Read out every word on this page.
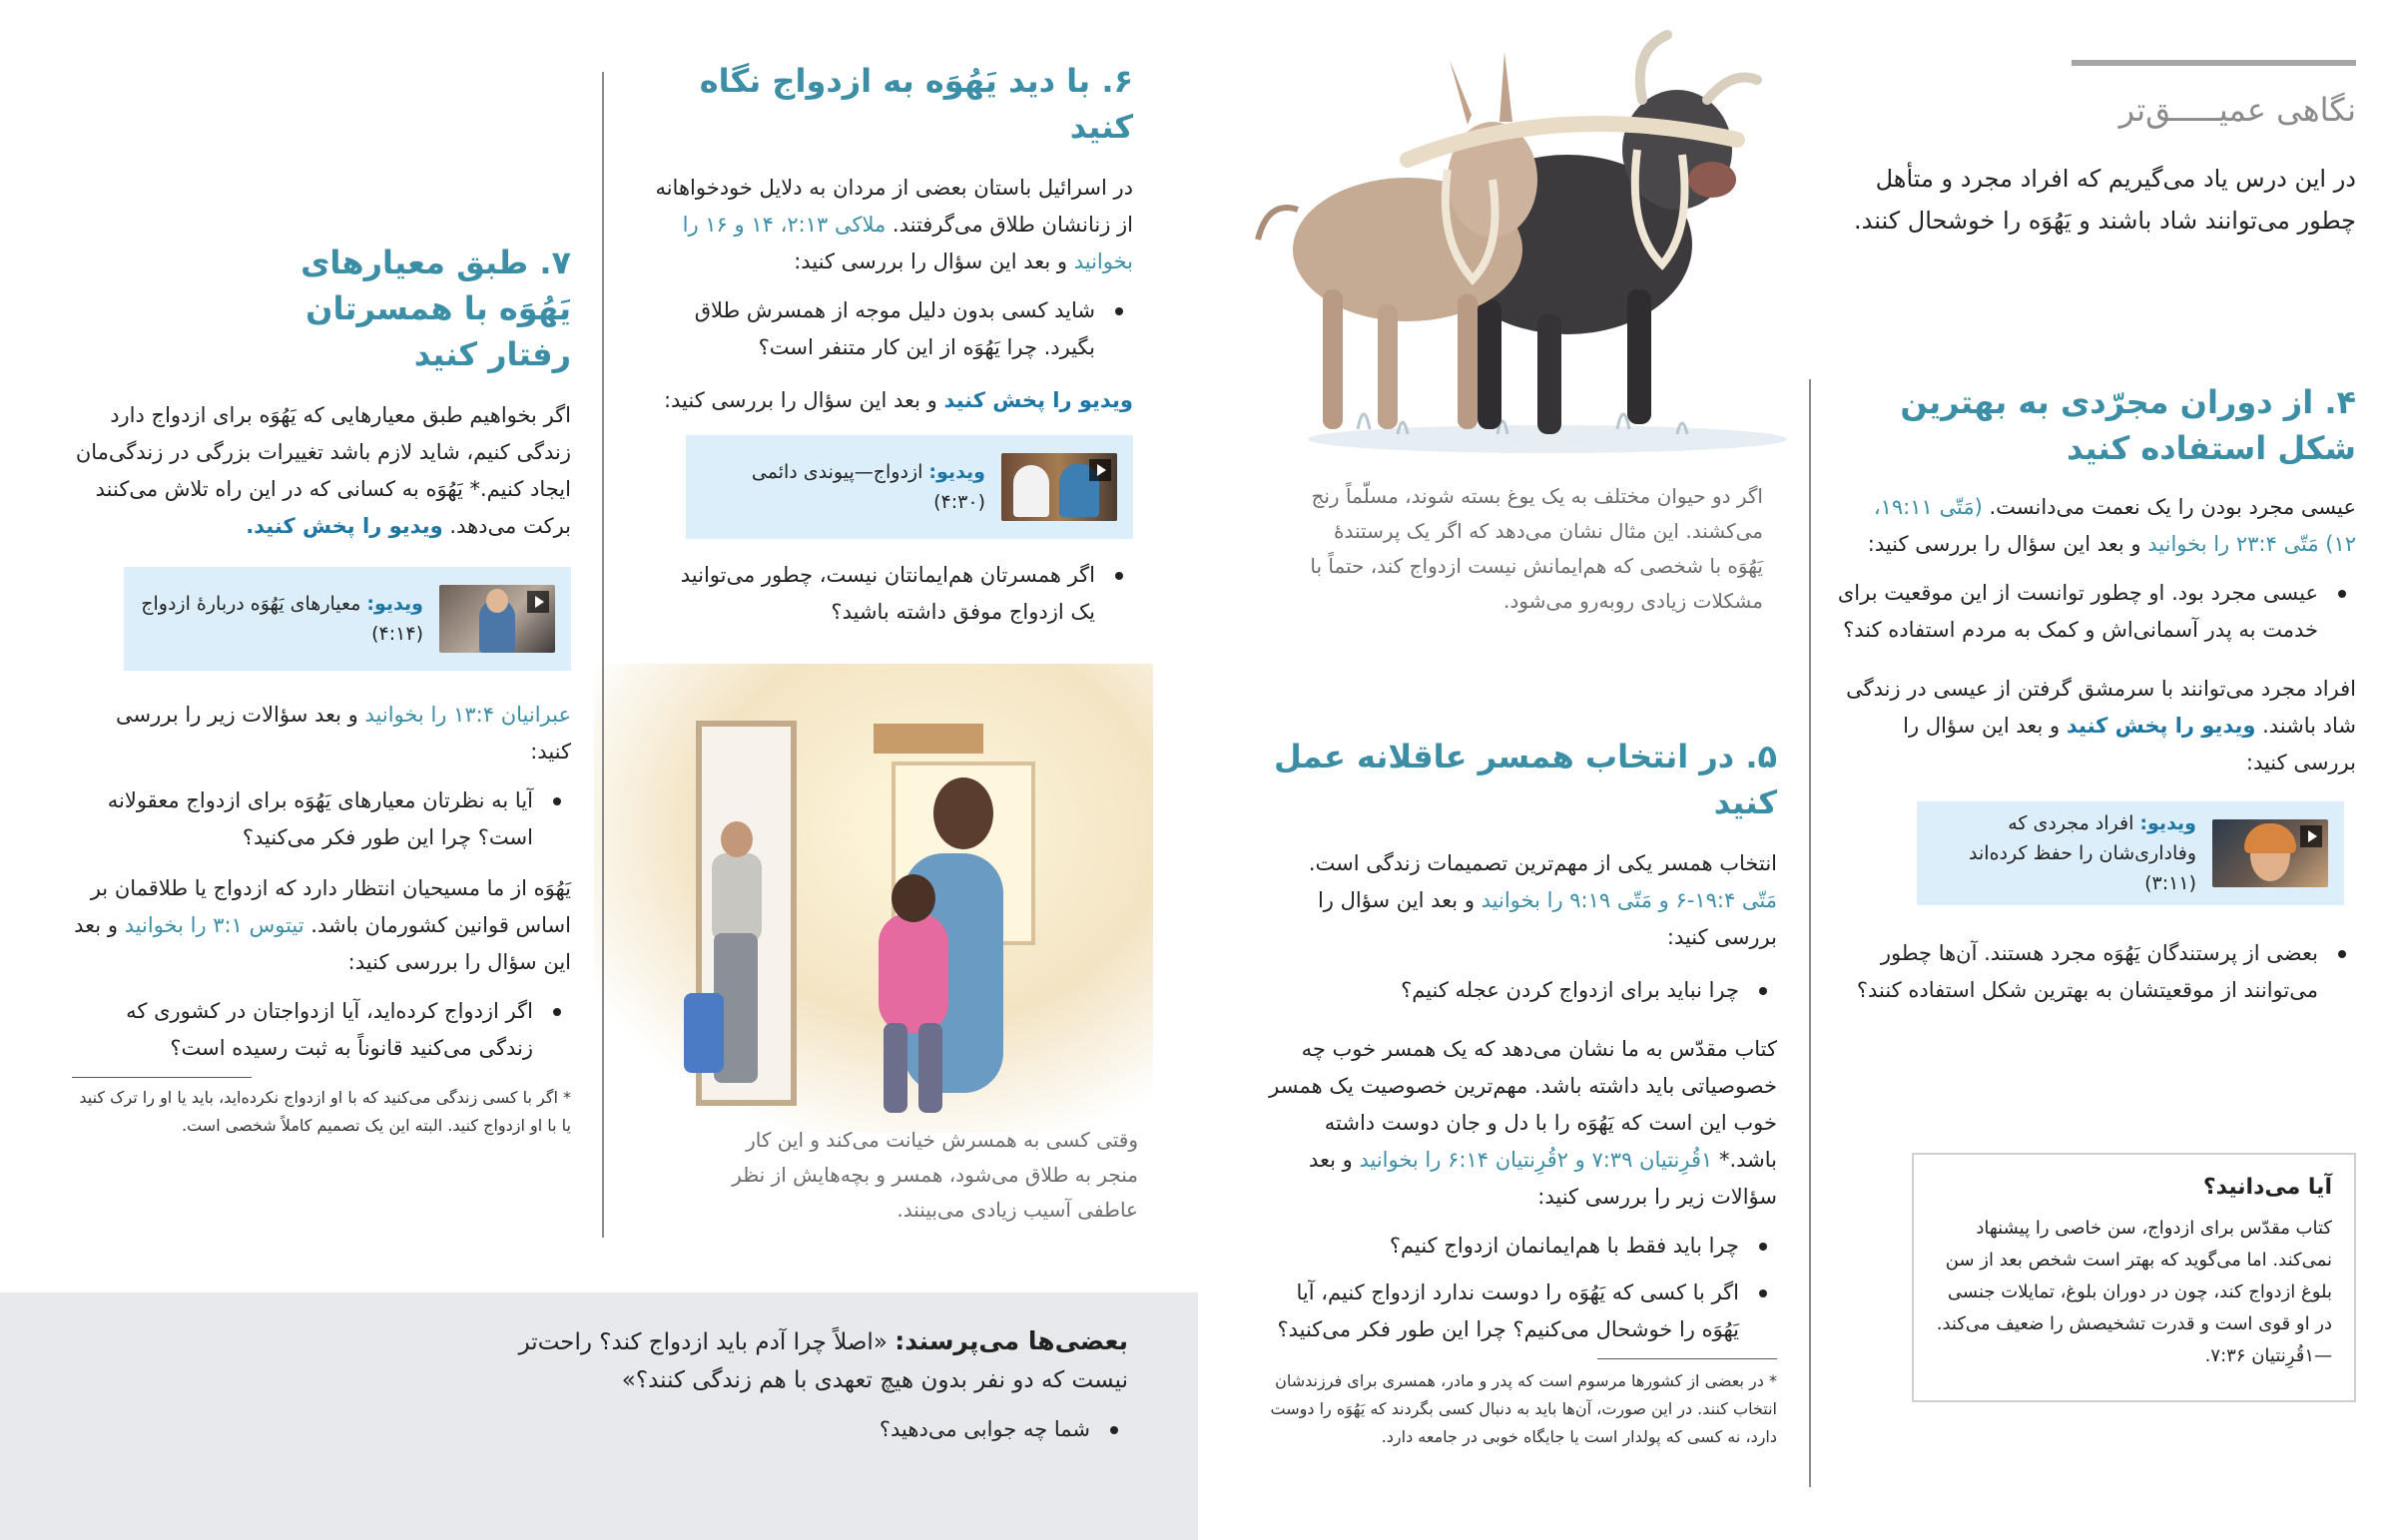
نگاهی عمیـــــق‌تر

در این درس یاد می‌گیریم که افراد مجرد و متأهل چطور می‌توانند شاد باشند و یَهُوَه را خوشحال کنند.

۴. از دوران مجرّدی به بهترین شکل استفاده کنید

عیسی مجرد بودن را یک نعمت می‌دانست. (مَتّی ۱۹:۱۱، ۱۲) مَتّی ۲۳:۴ را بخوانید و بعد این سؤال را بررسی کنید:

عیسی مجرد بود. او چطور توانست از این موقعیت برای خدمت به پدر آسمانی‌اش و کمک به مردم استفاده کند؟

افراد مجرد می‌توانند با سرمشق گرفتن از عیسی در زندگی شاد باشند. ویدیو را پخش کنید و بعد این سؤال را بررسی کنید:

ویدیو: افراد مجردی که وفاداری‌شان را حفظ کرده‌اند (۳:۱۱)
بعضی از پرستندگان یَهُوَه مجرد هستند. آن‌ها چطور می‌توانند از موقعیتشان به بهترین شکل استفاده کنند؟
آیا می‌دانید؟

کتاب مقدّس برای ازدواج، سن خاصی را پیشنهاد نمی‌کند. اما می‌گوید که بهتر است شخص بعد از سن بلوغ ازدواج کند، چون در دوران بلوغ، تمایلات جنسی در او قوی است و قدرت تشخیصش را ضعیف می‌کند.—۱قُرِنتیان ۷:۳۶.

اگر دو حیوان مختلف به یک یوغ بسته شوند، مسلّماً رنج می‌کشند. این مثال نشان می‌دهد که اگر یک پرستندهٔ یَهُوَه با شخصی که هم‌ایمانش نیست ازدواج کند، حتماً با مشکلات زیادی روبه‌رو می‌شود.

۵. در انتخاب همسر عاقلانه عمل کنید

انتخاب همسر یکی از مهم‌ترین تصمیمات زندگی است. مَتّی ۱۹:۴-۶ و مَتّی ۹:۱۹ را بخوانید و بعد این سؤال را بررسی کنید:

چرا نباید برای ازدواج کردن عجله کنیم؟

کتاب مقدّس به ما نشان می‌دهد که یک همسر خوب چه خصوصیاتی باید داشته باشد. مهم‌ترین خصوصیت یک همسر خوب این است که یَهُوَه را با دل و جان دوست داشته باشد.* ۱قُرِنتیان ۷:۳۹ و ۲قُرِنتیان ۶:۱۴ را بخوانید و بعد سؤالات زیر را بررسی کنید:

چرا باید فقط با هم‌ایمانمان ازدواج کنیم؟
اگر با کسی که یَهُوَه را دوست ندارد ازدواج کنیم، آیا یَهُوَه را خوشحال می‌کنیم؟ چرا این طور فکر می‌کنید؟

* در بعضی از کشورها مرسوم است که پدر و مادر، همسری برای فرزندشان انتخاب کنند. در این صورت، آن‌ها باید به دنبال کسی بگردند که یَهُوَه را دوست دارد، نه کسی که پولدار است یا جایگاه خوبی در جامعه دارد.

۶. با دید یَهُوَه به ازدواج نگاه کنید

در اسرائیل باستان بعضی از مردان به دلایل خودخواهانه از زنانشان طلاق می‌گرفتند. ملاکی ۲:۱۳، ۱۴ و ۱۶ را بخوانید و بعد این سؤال را بررسی کنید:

شاید کسی بدون دلیل موجه از همسرش طلاق بگیرد. چرا یَهُوَه از این کار متنفر است؟

ویدیو را پخش کنید و بعد این سؤال را بررسی کنید:

ویدیو: ازدواج—پیوندی دائمی (۴:۳۰)
اگر همسرتان هم‌ایمانتان نیست، چطور می‌توانید یک ازدواج موفق داشته باشید؟

وقتی کسی به همسرش خیانت می‌کند و این کار منجر به طلاق می‌شود، همسر و بچه‌هایش از نظر عاطفی آسیب زیادی می‌بینند.

۷. طبق معیارهای یَهُوَه با همسرتان رفتار کنید

اگر بخواهیم طبق معیارهایی که یَهُوَه برای ازدواج دارد زندگی کنیم، شاید لازم باشد تغییرات بزرگی در زندگی‌مان ایجاد کنیم.* یَهُوَه به کسانی که در این راه تلاش می‌کنند برکت می‌دهد. ویدیو را پخش کنید.

ویدیو: معیارهای یَهُوَه دربارهٔ ازدواج (۴:۱۴)

عبرانیان ۱۳:۴ را بخوانید و بعد سؤالات زیر را بررسی کنید:

آیا به نظرتان معیارهای یَهُوَه برای ازدواج معقولانه است؟ چرا این طور فکر می‌کنید؟

یَهُوَه از ما مسیحیان انتظار دارد که ازدواج یا طلاقمان بر اساس قوانین کشورمان باشد. تیتوس ۳:۱ را بخوانید و بعد این سؤال را بررسی کنید:

اگر ازدواج کرده‌اید، آیا ازدواجتان در کشوری که زندگی می‌کنید قانوناً به ثبت رسیده است؟

* اگر با کسی زندگی می‌کنید که با او ازدواج نکرده‌اید، باید یا او را ترک کنید یا با او ازدواج کنید. البته این یک تصمیم کاملاً شخصی است.

بعضی‌ها می‌پرسند: «اصلاً چرا آدم باید ازدواج کند؟ راحت‌تر نیست که دو نفر بدون هیچ تعهدی با هم زندگی کنند؟»

شما چه جوابی می‌دهید؟
